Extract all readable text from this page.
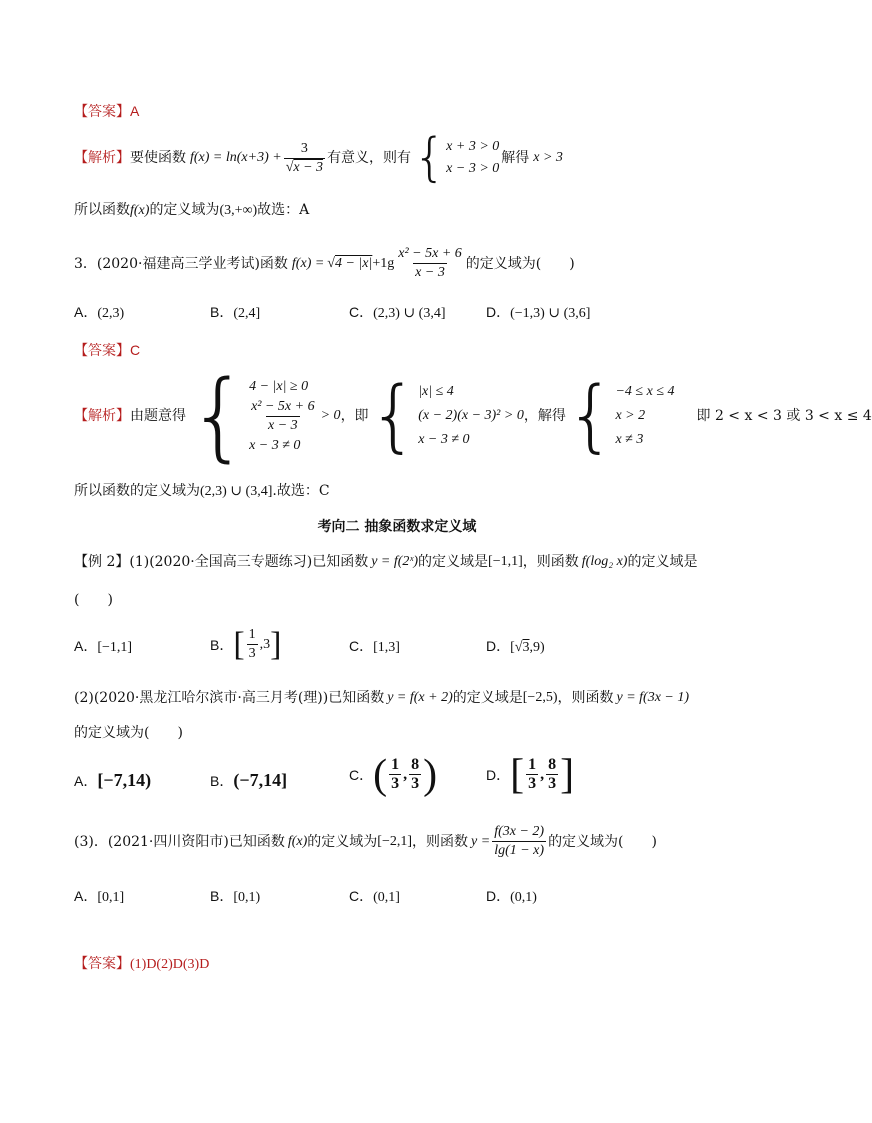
【答案】A
【解析】 要使函数 $f(x) = \ln(x+3) + \frac{3}{√x - 3}$ 有意义，则有 { x + 3 > 0
x − 3 > 0
解得 x > 3
所以函数f(x)的定义域为(3,+∞)故选：A
3．(2020·福建高三学业考试)函数 $f(x) = √4 - |x| +1g \frac{\text{x² − 5x + 6}}{x - 3}$ 的定义域为(　　)
A．(2,3)	B．(2,4]	C．(2,3) ∪ (3,4]	D．(−1,3) ∪ (3,6]
【答案】C
【解析】 由题意得 { 4 − |x| ≥ 0
$\frac{\text{x² − 5x + 6}}{x - 3} > 0$
x − 3 ≠ 0
，即 { |x| ≤ 4
(x − 2)(x − 3)² > 0
x − 3 ≠ 0
，解得 { −4 ≤ x ≤ 4
x > 2
x ≠ 3
即 2 < x < 3 或 3 < x ≤ 4
所以函数的定义域为(2,3) ∪ (3,4].故选：C
考向二 抽象函数求定义域
【例 2】(1)(2020·全国高三专题练习)已知函数 y = f(2ˣ) 的定义域是 [−1,1] ，则函数 f(log₂ x) 的定义域是
(　　)
A．[−1,1]	B． [ $\frac{1}{3} ,3$ ]	C．[1,3]	D．[√3,9)
(2)(2020·黑龙江哈尔滨市·高三月考(理))已知函数 y = f(x + 2) 的定义域是 [−2,5) ，则函数 y = f(3x − 1)
的定义域为(　　)
A．[−7,14)	B．(−7,14]	C． ( $\frac{1}{3}$ , $\frac{8}{3}$ )	D． [ $\frac{1}{3}$ , $\frac{8}{3}$ ]
(3)．(2021·四川资阳市)已知函数 f(x) 的定义域为 [−2,1] ，则函数 $y = \frac{f(3x - 2)}{\lg(1 - x)}$ 的定义域为(　　)
A．[0,1]	B．[0,1)	C．(0,1]	D．(0,1)
【答案】(1)D(2)D(3)D
